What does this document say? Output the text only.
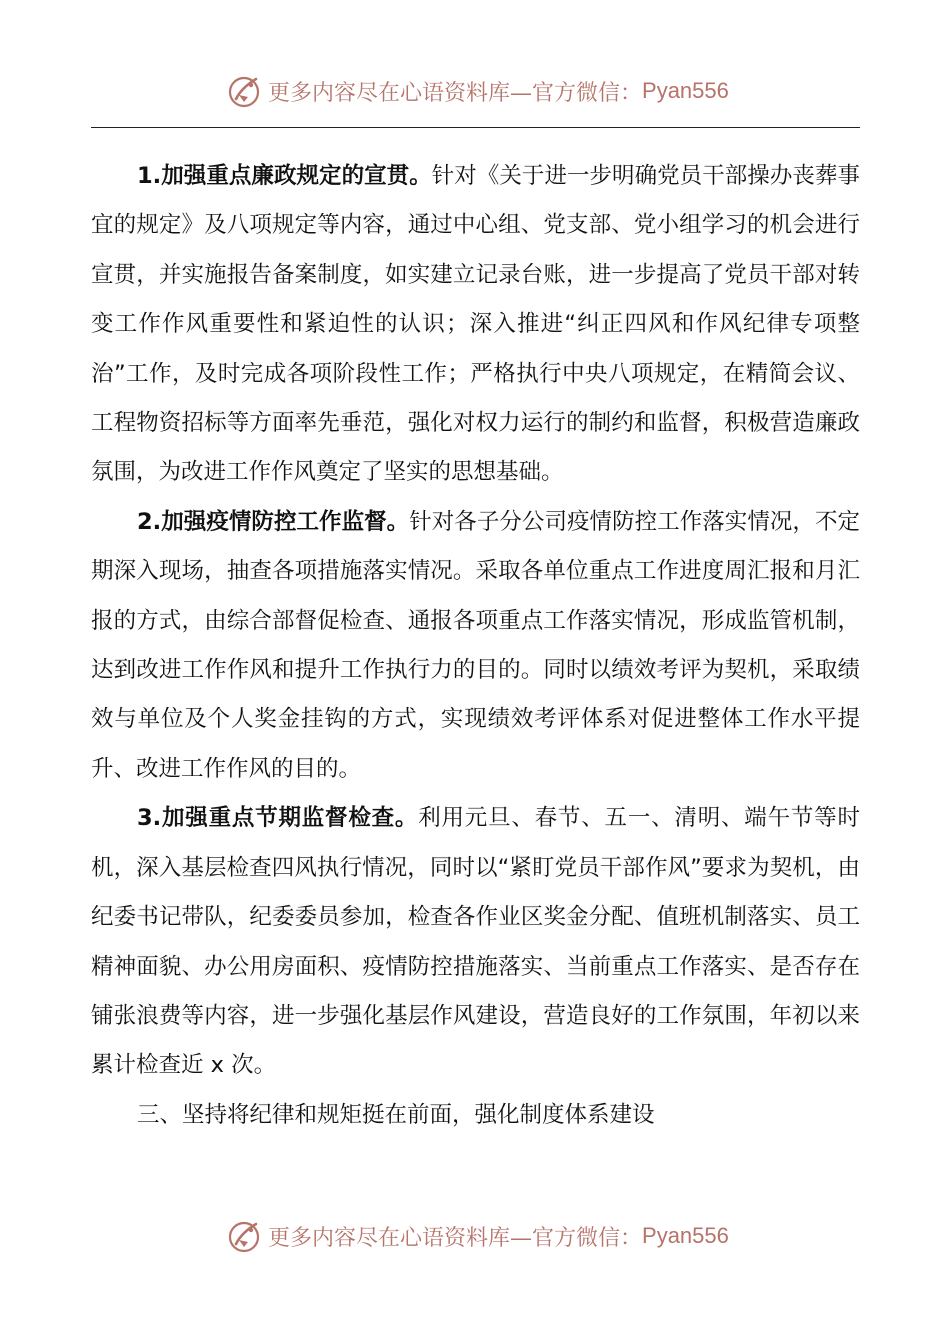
更多内容尽在心语资料库—官方微信： Pyan556

1.加强重点廉政规定的宣贯。针对《关于进一步明确党员干部操办丧葬事宜的规定》及八项规定等内容，通过中心组、党支部、党小组学习的机会进行宣贯，并实施报告备案制度，如实建立记录台账，进一步提高了党员干部对转变工作作风重要性和紧迫性的认识；深入推进“纠正四风和作风纪律专项整治”工作，及时完成各项阶段性工作；严格执行中央八项规定，在精简会议、工程物资招标等方面率先垂范，强化对权力运行的制约和监督，积极营造廉政氛围，为改进工作作风奠定了坚实的思想基础。

2.加强疫情防控工作监督。针对各子分公司疫情防控工作落实情况，不定期深入现场，抽查各项措施落实情况。采取各单位重点工作进度周汇报和月汇报的方式，由综合部督促检查、通报各项重点工作落实情况，形成监管机制，达到改进工作作风和提升工作执行力的目的。同时以绩效考评为契机，采取绩效与单位及个人奖金挂钩的方式，实现绩效考评体系对促进整体工作水平提升、改进工作作风的目的。

3.加强重点节期监督检查。利用元旦、春节、五一、清明、端午节等时机，深入基层检查四风执行情况，同时以“紧盯党员干部作风”要求为契机，由纪委书记带队，纪委委员参加，检查各作业区奖金分配、值班机制落实、员工精神面貌、办公用房面积、疫情防控措施落实、当前重点工作落实、是否存在铺张浪费等内容，进一步强化基层作风建设，营造良好的工作氛围，年初以来累计检查近 x 次。

三、坚持将纪律和规矩挺在前面，强化制度体系建设

更多内容尽在心语资料库—官方微信： Pyan556
